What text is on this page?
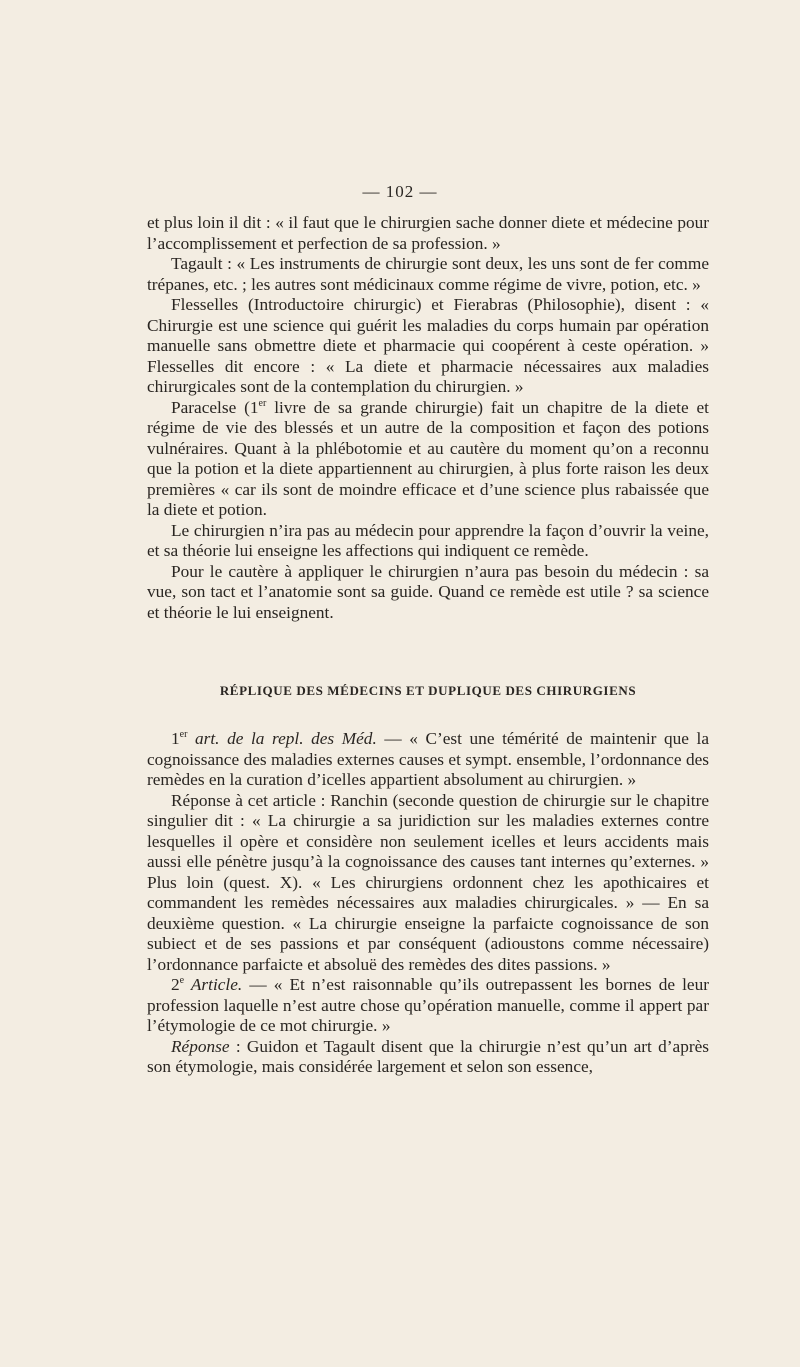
— 102 —

et plus loin il dit : « il faut que le chirurgien sache donner diete et médecine pour l’accomplissement et perfection de sa profession. »

Tagault : « Les instruments de chirurgie sont deux, les uns sont de fer comme trépanes, etc. ; les autres sont médicinaux comme régime de vivre, potion, etc. »

Flesselles (Introductoire chirurgic) et Fierabras (Philosophie), disent : « Chirurgie est une science qui guérit les maladies du corps humain par opération manuelle sans obmettre diete et pharmacie qui coopérent à ceste opération. » Flesselles dit encore : « La diete et pharmacie nécessaires aux maladies chirurgicales sont de la contemplation du chirurgien. »

Paracelse (1er livre de sa grande chirurgie) fait un chapitre de la diete et régime de vie des blessés et un autre de la composition et façon des potions vulnéraires. Quant à la phlébotomie et au cautère du moment qu’on a reconnu que la potion et la diete appartiennent au chirurgien, à plus forte raison les deux premières « car ils sont de moindre efficace et d’une science plus rabaissée que la diete et potion.

Le chirurgien n’ira pas au médecin pour apprendre la façon d’ouvrir la veine, et sa théorie lui enseigne les affections qui indiquent ce remède.

Pour le cautère à appliquer le chirurgien n’aura pas besoin du médecin : sa vue, son tact et l’anatomie sont sa guide. Quand ce remède est utile ? sa science et théorie le lui enseignent.

RÉPLIQUE DES MÉDECINS ET DUPLIQUE DES CHIRURGIENS

1er art. de la repl. des Méd. — « C’est une témérité de maintenir que la cognoissance des maladies externes causes et sympt. ensemble, l’ordonnance des remèdes en la curation d’icelles appartient absolument au chirurgien. »

Réponse à cet article : Ranchin (seconde question de chirurgie sur le chapitre singulier dit : « La chirurgie a sa juridiction sur les maladies externes contre lesquelles il opère et considère non seulement icelles et leurs accidents mais aussi elle pénètre jusqu’à la cognoissance des causes tant internes qu’externes. » Plus loin (quest. X). « Les chirurgiens ordonnent chez les apothicaires et commandent les remèdes nécessaires aux maladies chirurgicales. » — En sa deuxième question. « La chirurgie enseigne la parfaicte cognoissance de son subiect et de ses passions et par conséquent (adioustons comme nécessaire) l’ordonnance parfaicte et absoluë des remèdes des dites passions. »

2e Article. — « Et n’est raisonnable qu’ils outrepassent les bornes de leur profession laquelle n’est autre chose qu’opération manuelle, comme il appert par l’étymologie de ce mot chirurgie. »

Réponse : Guidon et Tagault disent que la chirurgie n’est qu’un art d’après son étymologie, mais considérée largement et selon son essence,
